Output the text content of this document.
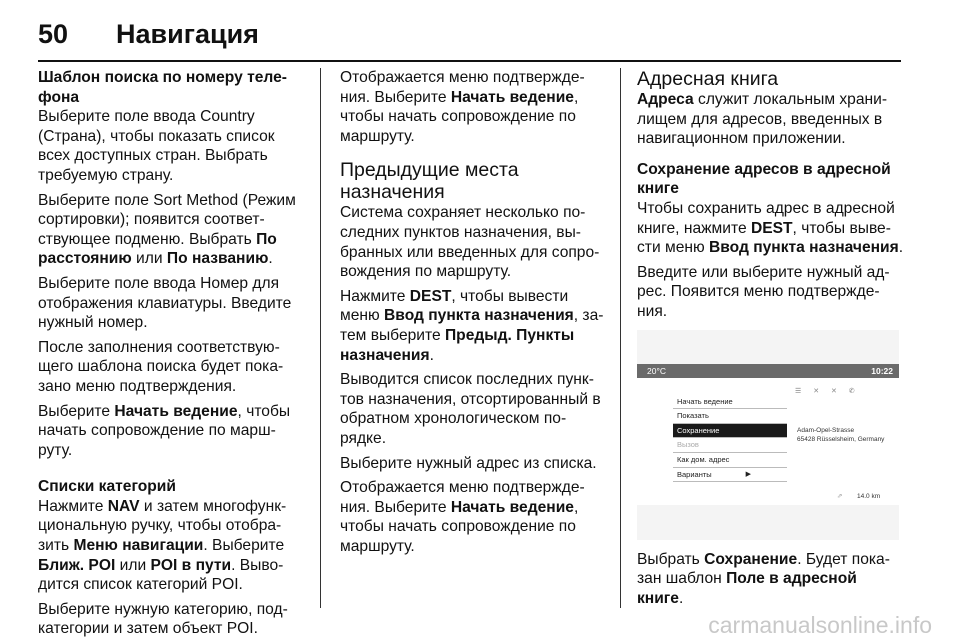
50 Навигация
Шаблон поиска по номеру теле-фона

Выберите поле ввода Country (Страна), чтобы показать список всех доступных стран. Выбрать требуемую страну.

Выберите поле Sort Method (Режим сортировки); появится соответ-ствующее подменю. Выбрать По расстоянию или По названию.

Выберите поле ввода Номер для отображения клавиатуры. Введите нужный номер.

После заполнения соответствую-щего шаблона поиска будет пока-зано меню подтверждения.

Выберите Начать ведение, чтобы начать сопровождение по марш-руту.

Списки категорий

Нажмите NAV и затем многофунк-циональную ручку, чтобы отобра-зить Меню навигации. Выберите Ближ. POI или POI в пути. Выво-дится список категорий POI.

Выберите нужную категорию, под-категории и затем объект POI.

Отображается меню подтвержде-ния. Выберите Начать ведение, чтобы начать сопровождение по маршруту.

Предыдущие места назначения

Система сохраняет несколько по-следних пунктов назначения, вы-бранных или введенных для сопро-вождения по маршруту.

Нажмите DEST, чтобы вывести меню Ввод пункта назначения, за-тем выберите Предыд. Пункты назначения.

Выводится список последних пунк-тов назначения, отсортированный в обратном хронологическом по-рядке.

Выберите нужный адрес из списка.

Отображается меню подтвержде-ния. Выберите Начать ведение, чтобы начать сопровождение по маршруту.

Адресная книга

Адреса служит локальным храни-лищем для адресов, введенных в навигационном приложении.

Сохранение адресов в адресной книге

Чтобы сохранить адрес в адресной книге, нажмите DEST, чтобы выве-сти меню Ввод пункта назначения.

Введите или выберите нужный ад-рес. Появится меню подтвержде-ния.

20°C	10:22
☰ ✕ ✕ ✆
Начать ведение
Показать
Сохранение
Вызов
Как дом. адрес
Варианты	▶
Adam-Opel-Strasse
65428 Rüsselsheim, Germany
⇗ 14.0 km

Выбрать Сохранение. Будет пока-зан шаблон Поле в адресной книге.

carmanualsonline.info
